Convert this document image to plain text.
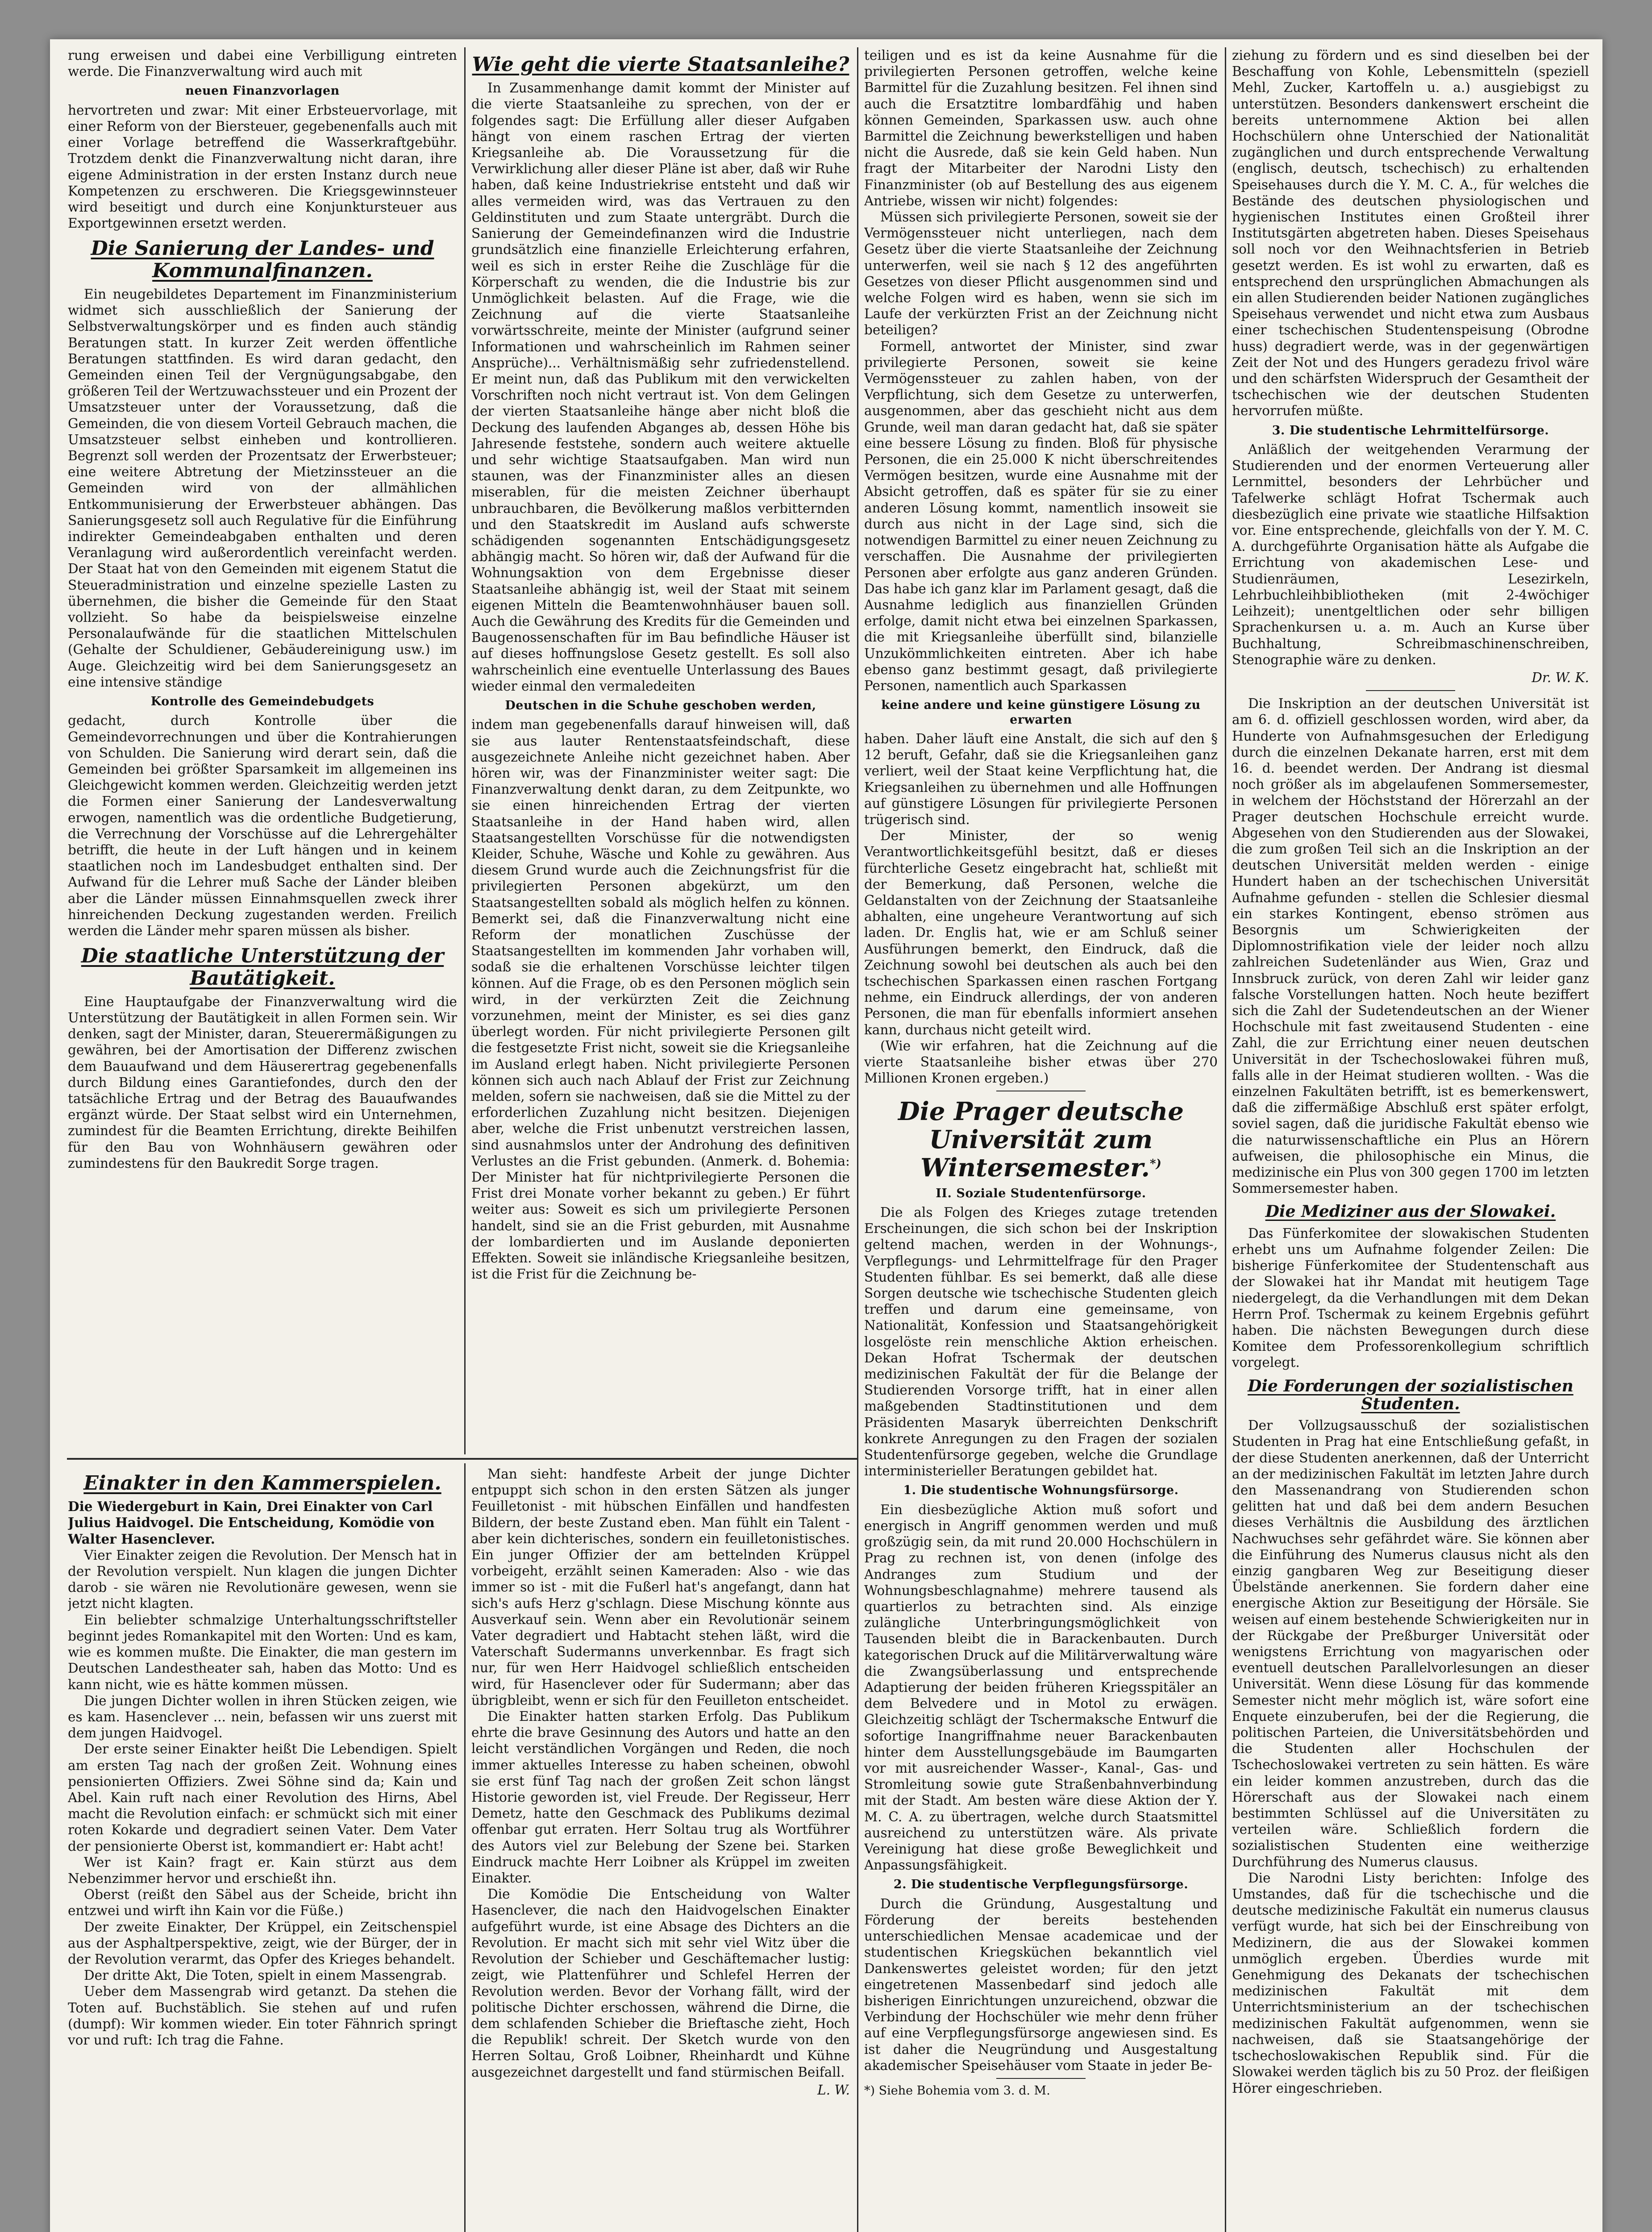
rung erweisen und dabei eine Verbilligung eintreten werde. Die Finanzverwaltung wird auch mit

neuen Finanzvorlagen

hervortreten und zwar: Mit einer Erbsteuervorlage, mit einer Reform von der Biersteuer, gegebenenfalls auch mit einer Vorlage betreffend die Wasserkraftgebühr. Trotzdem denkt die Finanzverwaltung nicht daran, ihre eigene Administration in der ersten Instanz durch neue Kompetenzen zu erschweren. Die Kriegsgewinnsteuer wird beseitigt und durch eine Konjunktursteuer aus Exportgewinnen ersetzt werden.

Die Sanierung der Landes- und Kommunalfinanzen.

Ein neugebildetes Departement im Finanzministerium widmet sich ausschließlich der Sanierung der Selbstverwaltungskörper und es finden auch ständig Beratungen statt. In kurzer Zeit werden öffentliche Beratungen stattfinden. Es wird daran gedacht, den Gemeinden einen Teil der Vergnügungsabgabe, den größeren Teil der Wertzuwachssteuer und ein Prozent der Umsatzsteuer unter der Voraussetzung, daß die Gemeinden, die von diesem Vorteil Gebrauch machen, die Umsatzsteuer selbst einheben und kontrollieren. Begrenzt soll werden der Prozentsatz der Erwerbsteuer; eine weitere Abtretung der Mietzinssteuer an die Gemeinden wird von der allmählichen Entkommunisierung der Erwerbsteuer abhängen. Das Sanierungsgesetz soll auch Regulative für die Einführung indirekter Gemeindeabgaben enthalten und deren Veranlagung wird außerordentlich vereinfacht werden. Der Staat hat von den Gemeinden mit eigenem Statut die Steueradministration und einzelne spezielle Lasten zu übernehmen, die bisher die Gemeinde für den Staat vollzieht. So habe da beispielsweise einzelne Personalaufwände für die staatlichen Mittelschulen (Gehalte der Schuldiener, Gebäudereinigung usw.) im Auge. Gleichzeitig wird bei dem Sanierungsgesetz an eine intensive ständige

Kontrolle des Gemeindebudgets

gedacht, durch Kontrolle über die Gemeindevorrechnungen und über die Kontrahierungen von Schulden. Die Sanierung wird derart sein, daß die Gemeinden bei größter Sparsamkeit im allgemeinen ins Gleichgewicht kommen werden. Gleichzeitig werden jetzt die Formen einer Sanierung der Landesverwaltung erwogen, namentlich was die ordentliche Budgetierung, die Verrechnung der Vorschüsse auf die Lehrergehälter betrifft, die heute in der Luft hängen und in keinem staatlichen noch im Landesbudget enthalten sind. Der Aufwand für die Lehrer muß Sache der Länder bleiben aber die Länder müssen Einnahmsquellen zweck ihrer hinreichenden Deckung zugestanden werden. Freilich werden die Länder mehr sparen müssen als bisher.

Die staatliche Unterstützung der Bautätigkeit.

Eine Hauptaufgabe der Finanzverwaltung wird die Unterstützung der Bautätigkeit in allen Formen sein. Wir denken, sagt der Minister, daran, Steuerermäßigungen zu gewähren, bei der Amortisation der Differenz zwischen dem Bauaufwand und dem Häuserertrag gegebenenfalls durch Bildung eines Garantiefondes, durch den der tatsächliche Ertrag und der Betrag des Bauaufwandes ergänzt würde. Der Staat selbst wird ein Unternehmen, zumindest für die Beamten Errichtung, direkte Beihilfen für den Bau von Wohnhäusern gewähren oder zumindestens für den Baukredit Sorge tragen.

Wie geht die vierte Staatsanleihe?

In Zusammenhange damit kommt der Minister auf die vierte Staatsanleihe zu sprechen, von der er folgendes sagt: Die Erfüllung aller dieser Aufgaben hängt von einem raschen Ertrag der vierten Kriegsanleihe ab. Die Voraussetzung für die Verwirklichung aller dieser Pläne ist aber, daß wir Ruhe haben, daß keine Industriekrise entsteht und daß wir alles vermeiden wird, was das Vertrauen zu den Geldinstituten und zum Staate untergräbt. Durch die Sanierung der Gemeindefinanzen wird die Industrie grundsätzlich eine finanzielle Erleichterung erfahren, weil es sich in erster Reihe die Zuschläge für die Körperschaft zu wenden, die die Industrie bis zur Unmöglichkeit belasten. Auf die Frage, wie die Zeichnung auf die vierte Staatsanleihe vorwärtsschreite, meinte der Minister (aufgrund seiner Informationen und wahrscheinlich im Rahmen seiner Ansprüche)... Verhältnismäßig sehr zufriedenstellend. Er meint nun, daß das Publikum mit den verwickelten Vorschriften noch nicht vertraut ist. Von dem Gelingen der vierten Staatsanleihe hänge aber nicht bloß die Deckung des laufenden Abganges ab, dessen Höhe bis Jahresende feststehe, sondern auch weitere aktuelle und sehr wichtige Staatsaufgaben. Man wird nun staunen, was der Finanzminister alles an diesen miserablen, für die meisten Zeichner überhaupt unbrauchbaren, die Bevölkerung maßlos verbitternden und den Staatskredit im Ausland aufs schwerste schädigenden sogenannten Entschädigungsgesetz abhängig macht. So hören wir, daß der Aufwand für die Wohnungsaktion von dem Ergebnisse dieser Staatsanleihe abhängig ist, weil der Staat mit seinem eigenen Mitteln die Beamtenwohnhäuser bauen soll. Auch die Gewährung des Kredits für die Gemeinden und Baugenossenschaften für im Bau befindliche Häuser ist auf dieses hoffnungslose Gesetz gestellt. Es soll also wahrscheinlich eine eventuelle Unterlassung des Baues wieder einmal den vermaledeiten

Deutschen in die Schuhe geschoben werden,

indem man gegebenenfalls darauf hinweisen will, daß sie aus lauter Rentenstaatsfeindschaft, diese ausgezeichnete Anleihe nicht gezeichnet haben. Aber hören wir, was der Finanzminister weiter sagt: Die Finanzverwaltung denkt daran, zu dem Zeitpunkte, wo sie einen hinreichenden Ertrag der vierten Staatsanleihe in der Hand haben wird, allen Staatsangestellten Vorschüsse für die notwendigsten Kleider, Schuhe, Wäsche und Kohle zu gewähren. Aus diesem Grund wurde auch die Zeichnungsfrist für die privilegierten Personen abgekürzt, um den Staatsangestellten sobald als möglich helfen zu können. Bemerkt sei, daß die Finanzverwaltung nicht eine Reform der monatlichen Zuschüsse der Staatsangestellten im kommenden Jahr vorhaben will, sodaß sie die erhaltenen Vorschüsse leichter tilgen können. Auf die Frage, ob es den Personen möglich sein wird, in der verkürzten Zeit die Zeichnung vorzunehmen, meint der Minister, es sei dies ganz überlegt worden. Für nicht privilegierte Personen gilt die festgesetzte Frist nicht, soweit sie die Kriegsanleihe im Ausland erlegt haben. Nicht privilegierte Personen können sich auch nach Ablauf der Frist zur Zeichnung melden, sofern sie nachweisen, daß sie die Mittel zu der erforderlichen Zuzahlung nicht besitzen. Diejenigen aber, welche die Frist unbenutzt verstreichen lassen, sind ausnahmslos unter der Androhung des definitiven Verlustes an die Frist gebunden. (Anmerk. d. Bohemia: Der Minister hat für nichtprivilegierte Personen die Frist drei Monate vorher bekannt zu geben.) Er führt weiter aus: Soweit es sich um privilegierte Personen handelt, sind sie an die Frist geburden, mit Ausnahme der lombardierten und im Auslande deponierten Effekten. Soweit sie inländische Kriegsanleihe besitzen, ist die Frist für die Zeichnung be-

teiligen und es ist da keine Ausnahme für die privilegierten Personen getroffen, welche keine Barmittel für die Zuzahlung besitzen. Fel ihnen sind auch die Ersatztitre lombardfähig und haben können Gemeinden, Sparkassen usw. auch ohne Barmittel die Zeichnung bewerkstelligen und haben nicht die Ausrede, daß sie kein Geld haben. Nun fragt der Mitarbeiter der Narodni Listy den Finanzminister (ob auf Bestellung des aus eigenem Antriebe, wissen wir nicht) folgendes:

Müssen sich privilegierte Personen, soweit sie der Vermögenssteuer nicht unterliegen, nach dem Gesetz über die vierte Staatsanleihe der Zeichnung unterwerfen, weil sie nach § 12 des angeführten Gesetzes von dieser Pflicht ausgenommen sind und welche Folgen wird es haben, wenn sie sich im Laufe der verkürzten Frist an der Zeichnung nicht beteiligen?

Formell, antwortet der Minister, sind zwar privilegierte Personen, soweit sie keine Vermögenssteuer zu zahlen haben, von der Verpflichtung, sich dem Gesetze zu unterwerfen, ausgenommen, aber das geschieht nicht aus dem Grunde, weil man daran gedacht hat, daß sie später eine bessere Lösung zu finden. Bloß für physische Personen, die ein 25.000 K nicht überschreitendes Vermögen besitzen, wurde eine Ausnahme mit der Absicht getroffen, daß es später für sie zu einer anderen Lösung kommt, namentlich insoweit sie durch aus nicht in der Lage sind, sich die notwendigen Barmittel zu einer neuen Zeichnung zu verschaffen. Die Ausnahme der privilegierten Personen aber erfolgte aus ganz anderen Gründen. Das habe ich ganz klar im Parlament gesagt, daß die Ausnahme lediglich aus finanziellen Gründen erfolge, damit nicht etwa bei einzelnen Sparkassen, die mit Kriegsanleihe überfüllt sind, bilanzielle Unzukömmlichkeiten eintreten. Aber ich habe ebenso ganz bestimmt gesagt, daß privilegierte Personen, namentlich auch Sparkassen

keine andere und keine günstigere Lösung zu erwarten

haben. Daher läuft eine Anstalt, die sich auf den § 12 beruft, Gefahr, daß sie die Kriegsanleihen ganz verliert, weil der Staat keine Verpflichtung hat, die Kriegsanleihen zu übernehmen und alle Hoffnungen auf günstigere Lösungen für privilegierte Personen trügerisch sind.

Der Minister, der so wenig Verantwortlichkeitsgefühl besitzt, daß er dieses fürchterliche Gesetz eingebracht hat, schließt mit der Bemerkung, daß Personen, welche die Geldanstalten von der Zeichnung der Staatsanleihe abhalten, eine ungeheure Verantwortung auf sich laden. Dr. Englis hat, wie er am Schluß seiner Ausführungen bemerkt, den Eindruck, daß die Zeichnung sowohl bei deutschen als auch bei den tschechischen Sparkassen einen raschen Fortgang nehme, ein Eindruck allerdings, der von anderen Personen, die man für ebenfalls informiert ansehen kann, durchaus nicht geteilt wird.

(Wie wir erfahren, hat die Zeichnung auf die vierte Staatsanleihe bisher etwas über 270 Millionen Kronen ergeben.)

Die Prager deutsche Universität zum Wintersemester.*)
II. Soziale Studentenfürsorge.

Die als Folgen des Krieges zutage tretenden Erscheinungen, die sich schon bei der Inskription geltend machen, werden in der Wohnungs-, Verpflegungs- und Lehrmittelfrage für den Prager Studenten fühlbar. Es sei bemerkt, daß alle diese Sorgen deutsche wie tschechische Studenten gleich treffen und darum eine gemeinsame, von Nationalität, Konfession und Staatsangehörigkeit losgelöste rein menschliche Aktion erheischen. Dekan Hofrat Tschermak der deutschen medizinischen Fakultät der für die Belange der Studierenden Vorsorge trifft, hat in einer allen maßgebenden Stadtinstitutionen und dem Präsidenten Masaryk überreichten Denkschrift konkrete Anregungen zu den Fragen der sozialen Studentenfürsorge gegeben, welche die Grundlage interministerieller Beratungen gebildet hat.

1. Die studentische Wohnungsfürsorge.

Ein diesbezügliche Aktion muß sofort und energisch in Angriff genommen werden und muß großzügig sein, da mit rund 20.000 Hochschülern in Prag zu rechnen ist, von denen (infolge des Andranges zum Studium und der Wohnungsbeschlagnahme) mehrere tausend als quartierlos zu betrachten sind. Als einzige zulängliche Unterbringungsmöglichkeit von Tausenden bleibt die in Barackenbauten. Durch kategorischen Druck auf die Militärverwaltung wäre die Zwangsüberlassung und entsprechende Adaptierung der beiden früheren Kriegsspitäler an dem Belvedere und in Motol zu erwägen. Gleichzeitig schlägt der Tschermaksche Entwurf die sofortige Inangriffnahme neuer Barackenbauten hinter dem Ausstellungsgebäude im Baumgarten vor mit ausreichender Wasser-, Kanal-, Gas- und Stromleitung sowie gute Straßenbahnverbindung mit der Stadt. Am besten wäre diese Aktion der Y. M. C. A. zu übertragen, welche durch Staatsmittel ausreichend zu unterstützen wäre. Als private Vereinigung hat diese große Beweglichkeit und Anpassungsfähigkeit.

2. Die studentische Verpflegungsfürsorge.

Durch die Gründung, Ausgestaltung und Förderung der bereits bestehenden unterschiedlichen Mensae academicae und der studentischen Kriegsküchen bekanntlich viel Dankenswertes geleistet worden; für den jetzt eingetretenen Massenbedarf sind jedoch alle bisherigen Einrichtungen unzureichend, obzwar die Verbindung der Hochschüler wie mehr denn früher auf eine Verpflegungsfürsorge angewiesen sind. Es ist daher die Neugründung und Ausgestaltung akademischer Speisehäuser vom Staate in jeder Be-

*) Siehe Bohemia vom 3. d. M.

ziehung zu fördern und es sind dieselben bei der Beschaffung von Kohle, Lebensmitteln (speziell Mehl, Zucker, Kartoffeln u. a.) ausgiebigst zu unterstützen. Besonders dankenswert erscheint die bereits unternommene Aktion bei allen Hochschülern ohne Unterschied der Nationalität zugänglichen und durch entsprechende Verwaltung (englisch, deutsch, tschechisch) zu erhaltenden Speisehauses durch die Y. M. C. A., für welches die Bestände des deutschen physiologischen und hygienischen Institutes einen Großteil ihrer Institutsgärten abgetreten haben. Dieses Speisehaus soll noch vor den Weihnachtsferien in Betrieb gesetzt werden. Es ist wohl zu erwarten, daß es entsprechend den ursprünglichen Abmachungen als ein allen Studierenden beider Nationen zugängliches Speisehaus verwendet und nicht etwa zum Ausbaus einer tschechischen Studentenspeisung (Obrodne huss) degradiert werde, was in der gegenwärtigen Zeit der Not und des Hungers geradezu frivol wäre und den schärfsten Widerspruch der Gesamtheit der tschechischen wie der deutschen Studenten hervorrufen müßte.

3. Die studentische Lehrmittelfürsorge.

Anläßlich der weitgehenden Verarmung der Studierenden und der enormen Verteuerung aller Lernmittel, besonders der Lehrbücher und Tafelwerke schlägt Hofrat Tschermak auch diesbezüglich eine private wie staatliche Hilfsaktion vor. Eine entsprechende, gleichfalls von der Y. M. C. A. durchgeführte Organisation hätte als Aufgabe die Errichtung von akademischen Lese- und Studienräumen, Lesezirkeln, Lehrbuchleihbibliotheken (mit 2-4wöchiger Leihzeit); unentgeltlichen oder sehr billigen Sprachenkursen u. a. m. Auch an Kurse über Buchhaltung, Schreibmaschinenschreiben, Stenographie wäre zu denken.

Dr. W. K.

Die Inskription an der deutschen Universität ist am 6. d. offiziell geschlossen worden, wird aber, da Hunderte von Aufnahmsgesuchen der Erledigung durch die einzelnen Dekanate harren, erst mit dem 16. d. beendet werden. Der Andrang ist diesmal noch größer als im abgelaufenen Sommersemester, in welchem der Höchststand der Hörerzahl an der Prager deutschen Hochschule erreicht wurde. Abgesehen von den Studierenden aus der Slowakei, die zum großen Teil sich an die Inskription an der deutschen Universität melden werden - einige Hundert haben an der tschechischen Universität Aufnahme gefunden - stellen die Schlesier diesmal ein starkes Kontingent, ebenso strömen aus Besorgnis um Schwierigkeiten der Diplomnostrifikation viele der leider noch allzu zahlreichen Sudetenländer aus Wien, Graz und Innsbruck zurück, von deren Zahl wir leider ganz falsche Vorstellungen hatten. Noch heute beziffert sich die Zahl der Sudetendeutschen an der Wiener Hochschule mit fast zweitausend Studenten - eine Zahl, die zur Errichtung einer neuen deutschen Universität in der Tschechoslowakei führen muß, falls alle in der Heimat studieren wollten. - Was die einzelnen Fakultäten betrifft, ist es bemerkenswert, daß die ziffermäßige Abschluß erst später erfolgt, soviel sagen, daß die juridische Fakultät ebenso wie die naturwissenschaftliche ein Plus an Hörern aufweisen, die philosophische ein Minus, die medizinische ein Plus von 300 gegen 1700 im letzten Sommersemester haben.

Die Mediziner aus der Slowakei.

Das Fünferkomitee der slowakischen Studenten erhebt uns um Aufnahme folgender Zeilen: Die bisherige Fünferkomitee der Studentenschaft aus der Slowakei hat ihr Mandat mit heutigem Tage niedergelegt, da die Verhandlungen mit dem Dekan Herrn Prof. Tschermak zu keinem Ergebnis geführt haben. Die nächsten Bewegungen durch diese Komitee dem Professorenkollegium schriftlich vorgelegt.

Die Forderungen der sozialistischen Studenten.

Der Vollzugsausschuß der sozialistischen Studenten in Prag hat eine Entschließung gefaßt, in der diese Studenten anerkennen, daß der Unterricht an der medizinischen Fakultät im letzten Jahre durch den Massenandrang von Studierenden schon gelitten hat und daß bei dem andern Besuchen dieses Verhältnis die Ausbildung des ärztlichen Nachwuchses sehr gefährdet wäre. Sie können aber die Einführung des Numerus clausus nicht als den einzig gangbaren Weg zur Beseitigung dieser Übelstände anerkennen. Sie fordern daher eine energische Aktion zur Beseitigung der Hörsäle. Sie weisen auf einem bestehende Schwierigkeiten nur in der Rückgabe der Preßburger Universität oder wenigstens Errichtung von magyarischen oder eventuell deutschen Parallelvorlesungen an dieser Universität. Wenn diese Lösung für das kommende Semester nicht mehr möglich ist, wäre sofort eine Enquete einzuberufen, bei der die Regierung, die politischen Parteien, die Universitätsbehörden und die Studenten aller Hochschulen der Tschechoslowakei vertreten zu sein hätten. Es wäre ein leider kommen anzustreben, durch das die Hörerschaft aus der Slowakei nach einem bestimmten Schlüssel auf die Universitäten zu verteilen wäre. Schließlich fordern die sozialistischen Studenten eine weitherzige Durchführung des Numerus clausus.

Die Narodni Listy berichten: Infolge des Umstandes, daß für die tschechische und die deutsche medizinische Fakultät ein numerus clausus verfügt wurde, hat sich bei der Einschreibung von Medizinern, die aus der Slowakei kommen unmöglich ergeben. Überdies wurde mit Genehmigung des Dekanats der tschechischen medizinischen Fakultät mit dem Unterrichtsministerium an der tschechischen medizinischen Fakultät aufgenommen, wenn sie nachweisen, daß sie Staatsangehörige der tschechoslowakischen Republik sind. Für die Slowakei werden täglich bis zu 50 Proz. der fleißigen Hörer eingeschrieben.

Einakter in den Kammerspielen.

Die Wiedergeburt in Kain, Drei Einakter von Carl Julius Haidvogel. Die Entscheidung, Komödie von Walter Hasenclever.

Vier Einakter zeigen die Revolution. Der Mensch hat in der Revolution verspielt. Nun klagen die jungen Dichter darob - sie wären nie Revolutionäre gewesen, wenn sie jetzt nicht klagten.

Ein beliebter schmalzige Unterhaltungsschriftsteller beginnt jedes Romankapitel mit den Worten: Und es kam, wie es kommen mußte. Die Einakter, die man gestern im Deutschen Landestheater sah, haben das Motto: Und es kann nicht, wie es hätte kommen müssen.

Die jungen Dichter wollen in ihren Stücken zeigen, wie es kam. Hasenclever ... nein, befassen wir uns zuerst mit dem jungen Haidvogel.

Der erste seiner Einakter heißt Die Lebendigen. Spielt am ersten Tag nach der großen Zeit. Wohnung eines pensionierten Offiziers. Zwei Söhne sind da; Kain und Abel. Kain ruft nach einer Revolution des Hirns, Abel macht die Revolution einfach: er schmückt sich mit einer roten Kokarde und degradiert seinen Vater. Dem Vater der pensionierte Oberst ist, kommandiert er: Habt acht!

Wer ist Kain? fragt er. Kain stürzt aus dem Nebenzimmer hervor und erschießt ihn.

Oberst (reißt den Säbel aus der Scheide, bricht ihn entzwei und wirft ihn Kain vor die Füße.)

Der zweite Einakter, Der Krüppel, ein Zeitschenspiel aus der Asphaltperspektive, zeigt, wie der Bürger, der in der Revolution verarmt, das Opfer des Krieges behandelt.

Der dritte Akt, Die Toten, spielt in einem Massengrab.

Ueber dem Massengrab wird getanzt. Da stehen die Toten auf. Buchstäblich. Sie stehen auf und rufen (dumpf): Wir kommen wieder. Ein toter Fähnrich springt vor und ruft: Ich trag die Fahne.

Man sieht: handfeste Arbeit der junge Dichter entpuppt sich schon in den ersten Sätzen als junger Feuilletonist - mit hübschen Einfällen und handfesten Bildern, der beste Zustand eben. Man fühlt ein Talent - aber kein dichterisches, sondern ein feuilletonistisches. Ein junger Offizier der am bettelnden Krüppel vorbeigeht, erzählt seinen Kameraden: Also - wie das immer so ist - mit die Fußerl hat's angefangt, dann hat sich's aufs Herz g'schlagn. Diese Mischung könnte aus Ausverkauf sein. Wenn aber ein Revolutionär seinem Vater degradiert und Habtacht stehen läßt, wird die Vaterschaft Sudermanns unverkennbar. Es fragt sich nur, für wen Herr Haidvogel schließlich entscheiden wird, für Hasenclever oder für Sudermann; aber das übrigbleibt, wenn er sich für den Feuilleton entscheidet.

Die Einakter hatten starken Erfolg. Das Publikum ehrte die brave Gesinnung des Autors und hatte an den leicht verständlichen Vorgängen und Reden, die noch immer aktuelles Interesse zu haben scheinen, obwohl sie erst fünf Tag nach der großen Zeit schon längst Historie geworden ist, viel Freude. Der Regisseur, Herr Demetz, hatte den Geschmack des Publikums dezimal offenbar gut erraten. Herr Soltau trug als Wortführer des Autors viel zur Belebung der Szene bei. Starken Eindruck machte Herr Loibner als Krüppel im zweiten Einakter.

Die Komödie Die Entscheidung von Walter Hasenclever, die nach den Haidvogelschen Einakter aufgeführt wurde, ist eine Absage des Dichters an die Revolution. Er macht sich mit sehr viel Witz über die Revolution der Schieber und Geschäftemacher lustig: zeigt, wie Plattenführer und Schlefel Herren der Revolution werden. Bevor der Vorhang fällt, wird der politische Dichter erschossen, während die Dirne, die dem schlafenden Schieber die Brieftasche zieht, Hoch die Republik! schreit. Der Sketch wurde von den Herren Soltau, Groß Loibner, Rheinhardt und Kühne ausgezeichnet dargestellt und fand stürmischen Beifall.

L. W.
